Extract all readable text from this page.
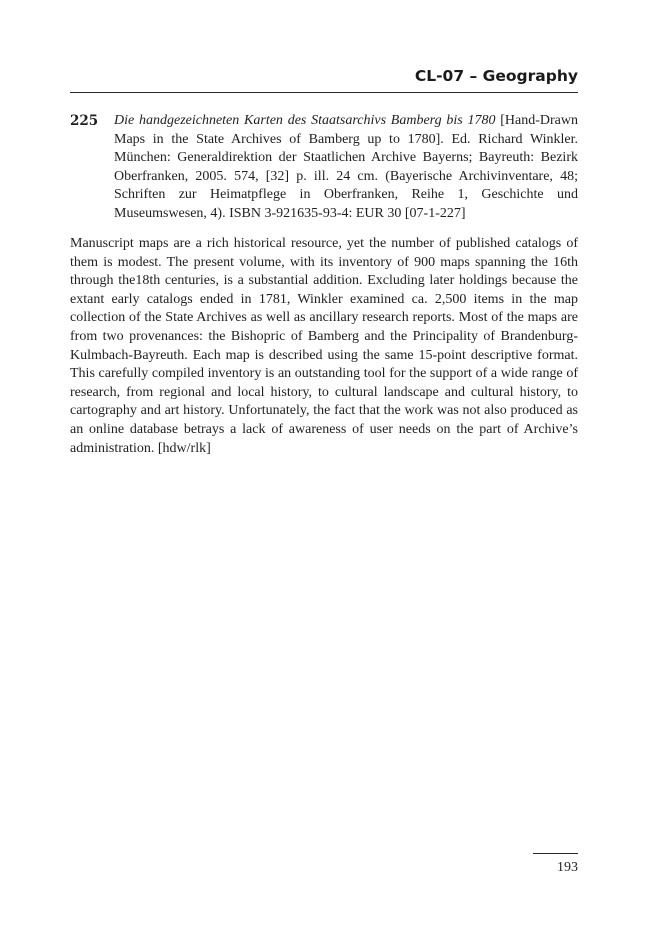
CL-07 – Geography
225 Die handgezeichneten Karten des Staatsarchivs Bamberg bis 1780 [Hand-Drawn Maps in the State Archives of Bamberg up to 1780]. Ed. Richard Winkler. München: Generaldirektion der Staatlichen Archive Bayerns; Bayreuth: Bezirk Oberfranken, 2005. 574, [32] p. ill. 24 cm. (Bayerische Archivinventare, 48; Schriften zur Heimatpflege in Oberfranken, Reihe 1, Geschichte und Museumswesen, 4). ISBN 3-921635-93-4: EUR 30 [07-1-227]

Manuscript maps are a rich historical resource, yet the number of published catalogs of them is modest. The present volume, with its inventory of 900 maps spanning the 16th through the18th centuries, is a substantial addition. Excluding later holdings because the extant early catalogs ended in 1781, Winkler examined ca. 2,500 items in the map collection of the State Archives as well as ancillary research reports. Most of the maps are from two provenances: the Bishopric of Bamberg and the Principality of Brandenburg-Kulmbach-Bayreuth. Each map is described using the same 15-point descriptive format. This carefully compiled inventory is an outstanding tool for the support of a wide range of research, from regional and local history, to cultural landscape and cultural history, to cartography and art history. Unfortunately, the fact that the work was not also produced as an online database betrays a lack of awareness of user needs on the part of Archive’s administration. [hdw/rlk]

193
